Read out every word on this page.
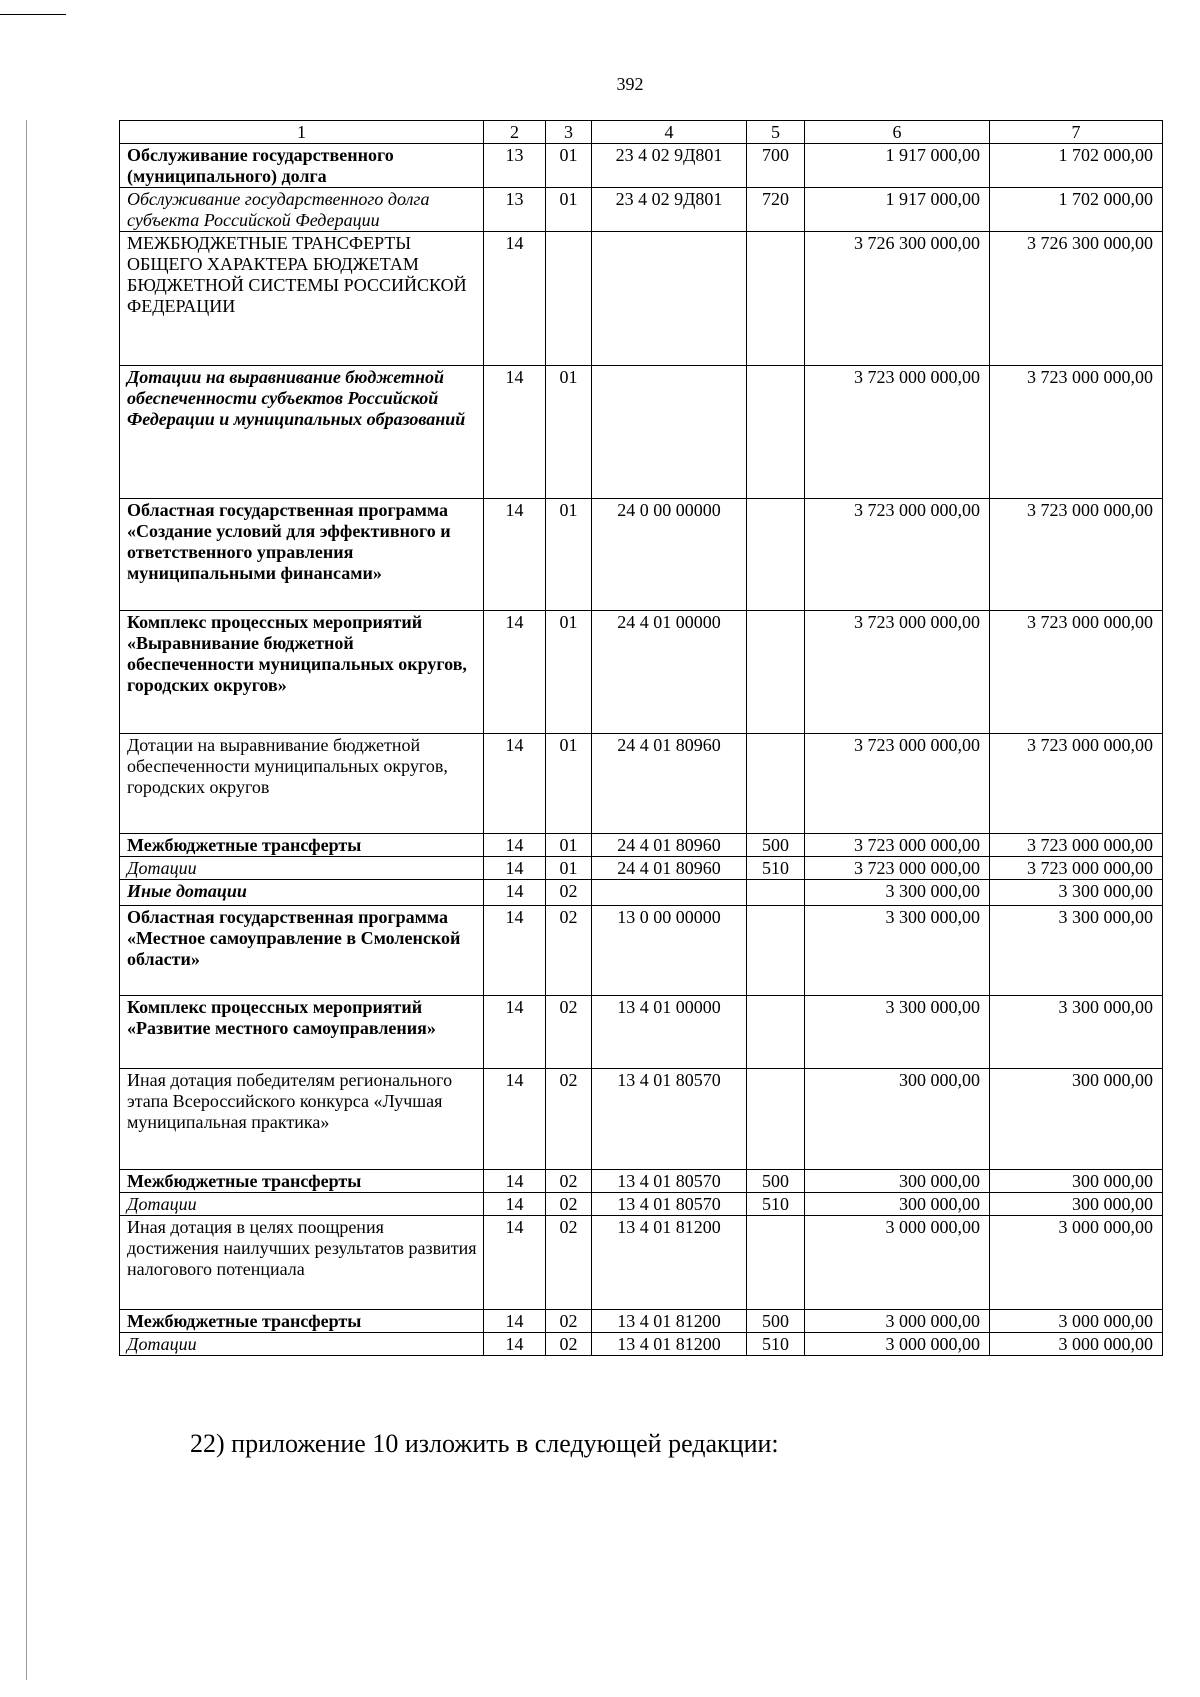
392
1	2	3	4	5	6	7
Обслуживание государственного (муниципального) долга	13	01	23 4 02 9Д801	700	1 917 000,00	1 702 000,00
Обслуживание государственного долга субъекта Российской Федерации	13	01	23 4 02 9Д801	720	1 917 000,00	1 702 000,00
МЕЖБЮДЖЕТНЫЕ ТРАНСФЕРТЫ ОБЩЕГО ХАРАКТЕРА БЮДЖЕТАМ БЮДЖЕТНОЙ СИСТЕМЫ РОССИЙСКОЙ ФЕДЕРАЦИИ	14				3 726 300 000,00	3 726 300 000,00
Дотации на выравнивание бюджетной обеспеченности субъектов Российской Федерации и муниципальных образований	14	01			3 723 000 000,00	3 723 000 000,00
Областная государственная программа «Создание условий для эффективного и ответственного управления муниципальными финансами»	14	01	24 0 00 00000		3 723 000 000,00	3 723 000 000,00
Комплекс процессных мероприятий «Выравнивание бюджетной обеспеченности муниципальных округов, городских округов»	14	01	24 4 01 00000		3 723 000 000,00	3 723 000 000,00
Дотации на выравнивание бюджетной обеспеченности муниципальных округов, городских округов	14	01	24 4 01 80960		3 723 000 000,00	3 723 000 000,00
Межбюджетные трансферты	14	01	24 4 01 80960	500	3 723 000 000,00	3 723 000 000,00
Дотации	14	01	24 4 01 80960	510	3 723 000 000,00	3 723 000 000,00
Иные дотации	14	02			3 300 000,00	3 300 000,00
Областная государственная программа «Местное самоуправление в Смоленской области»	14	02	13 0 00 00000		3 300 000,00	3 300 000,00
Комплекс процессных мероприятий «Развитие местного самоуправления»	14	02	13 4 01 00000		3 300 000,00	3 300 000,00
Иная дотация победителям регионального этапа Всероссийского конкурса «Лучшая муниципальная практика»	14	02	13 4 01 80570		300 000,00	300 000,00
Межбюджетные трансферты	14	02	13 4 01 80570	500	300 000,00	300 000,00
Дотации	14	02	13 4 01 80570	510	300 000,00	300 000,00
Иная дотация в целях поощрения достижения наилучших результатов развития налогового потенциала	14	02	13 4 01 81200		3 000 000,00	3 000 000,00
Межбюджетные трансферты	14	02	13 4 01 81200	500	3 000 000,00	3 000 000,00
Дотации	14	02	13 4 01 81200	510	3 000 000,00	3 000 000,00
22) приложение 10 изложить в следующей редакции:
